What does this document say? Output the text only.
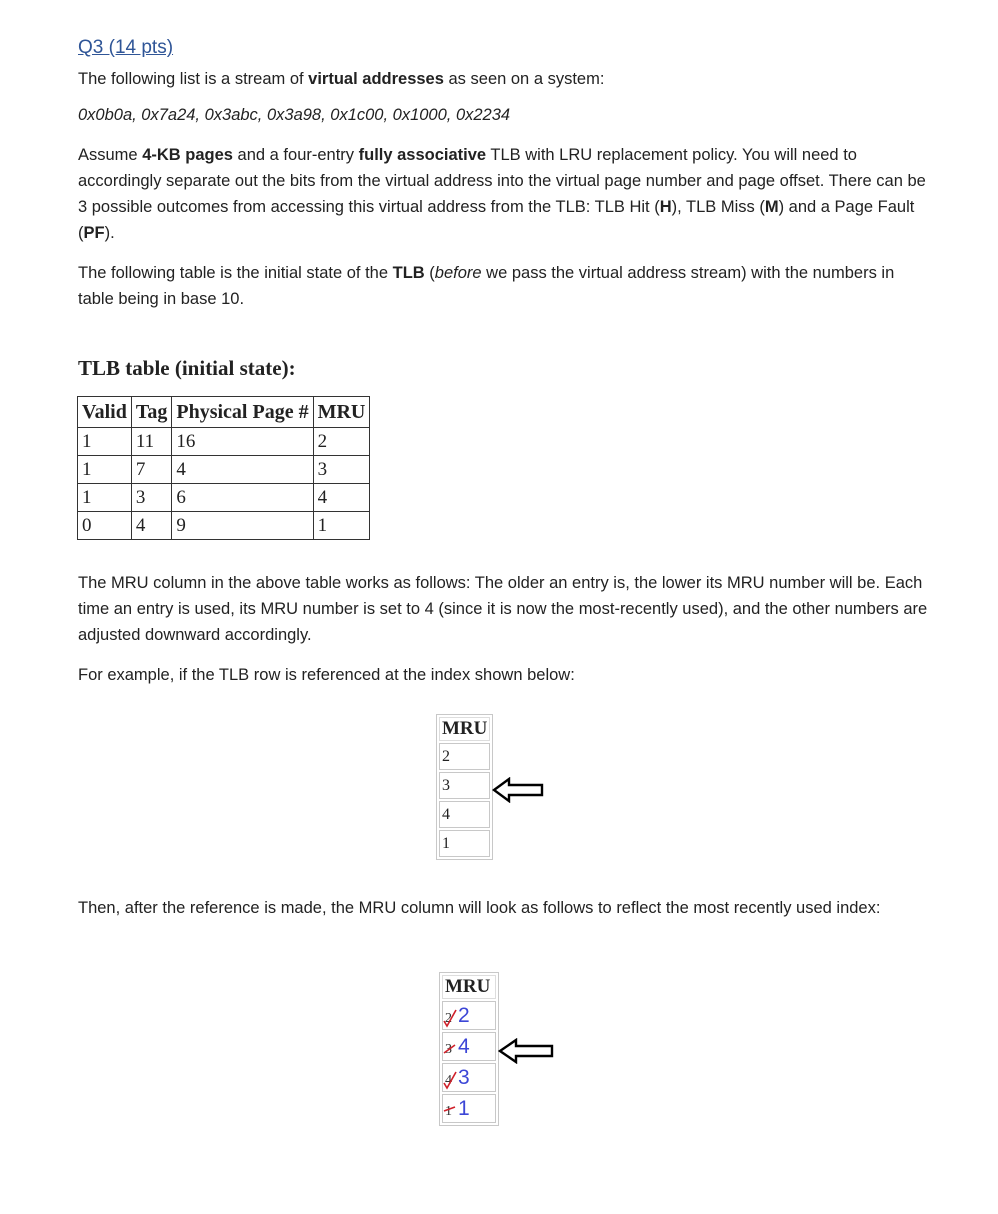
Q3 (14 pts)

The following list is a stream of virtual addresses as seen on a system:

0x0b0a, 0x7a24, 0x3abc, 0x3a98, 0x1c00, 0x1000, 0x2234

Assume 4-KB pages and a four-entry fully associative TLB with LRU replacement policy. You will need to accordingly separate out the bits from the virtual address into the virtual page number and page offset. There can be 3 possible outcomes from accessing this virtual address from the TLB: TLB Hit (H), TLB Miss (M) and a Page Fault (PF).

The following table is the initial state of the TLB (before we pass the virtual address stream) with the numbers in table being in base 10.

TLB table (initial state):
Valid	Tag	Physical Page #	MRU
1	11	16	2
1	7	4	3
1	3	6	4
0	4	9	1

The MRU column in the above table works as follows: The older an entry is, the lower its MRU number will be. Each time an entry is used, its MRU number is set to 4 (since it is now the most-recently used), and the other numbers are adjusted downward accordingly.

For example, if the TLB row is referenced at the index shown below:

MRU
2
3
4
1

Then, after the reference is made, the MRU column will look as follows to reflect the most recently used index:

MRU
2 2
3 4
4 3
1 1
